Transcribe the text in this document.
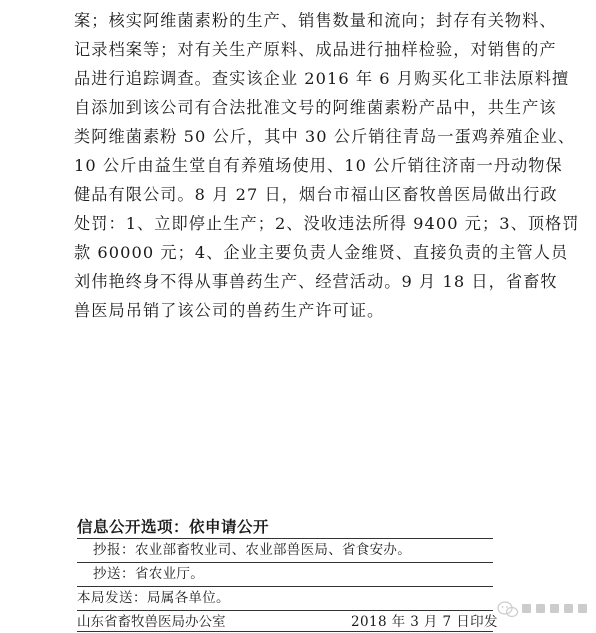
案；核实阿维菌素粉的生产、销售数量和流向；封存有关物料、
记录档案等；对有关生产原料、成品进行抽样检验，对销售的产
品进行追踪调查。查实该企业 2016 年 6 月购买化工非法原料擅
自添加到该公司有合法批准文号的阿维菌素粉产品中，共生产该
类阿维菌素粉 50 公斤，其中 30 公斤销往青岛一蛋鸡养殖企业、
10 公斤由益生堂自有养殖场使用、10 公斤销往济南一丹动物保
健品有限公司。8 月 27 日，烟台市福山区畜牧兽医局做出行政
处罚：1、立即停止生产；2、没收违法所得 9400 元；3、顶格罚
款 60000 元；4、企业主要负责人金维贤、直接负责的主管人员
刘伟艳终身不得从事兽药生产、经营活动。9 月 18 日，省畜牧
兽医局吊销了该公司的兽药生产许可证。
信息公开选项：依申请公开
抄报：农业部畜牧业司、农业部兽医局、省食安办。
抄送：省农业厅。
本局发送：局属各单位。
山东省畜牧兽医局办公室	2018 年 3 月 7 日印发
